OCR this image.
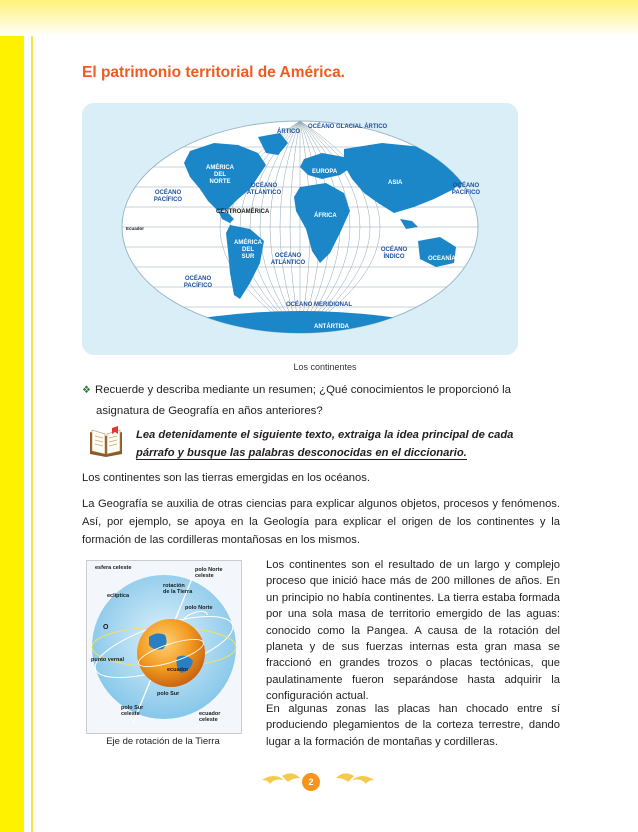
El patrimonio territorial de América.
ÁRTICO
OCÉANO GLACIAL ÁRTICO
AMÉRICA
DEL
NORTE
EUROPA
ASIA
OCÉANO
PACÍFICO
OCÉANO
PACÍFICO
OCÉANO
ATLÁNTICO
CENTROAMÉRICA
ÁFRICA
AMÉRICA
DEL
SUR	OCÉANO
ATLÁNTICO
OCÉANO
ÍNDICO	OCEANÍA
OCÉANO
PACÍFICO
OCÉANO MERIDIONAL
ANTÁRTIDA
Ecuador
Los continentes
❖ Recuerde y describa mediante un resumen; ¿Qué conocimientos le proporcionó la
asignatura de Geografía en años anteriores?
Lea detenidamente el siguiente texto, extraiga la idea principal de cada
párrafo y busque las palabras desconocidas en el diccionario.

Los continentes son las tierras emergidas en los océanos.

La Geografía se auxilia de otras ciencias para explicar algunos objetos, procesos y fenómenos. Así, por ejemplo, se apoya en la Geología para explicar el origen de los continentes y la formación de las cordilleras montañosas en los mismos.

esfera celeste	polo Norte
celeste
rotación
de la Tierra
eclíptica
polo Norte
O
punto vernal
ecuador
polo Sur
polo Sur
celeste	ecuador
celeste
Eje de rotación de la Tierra

Los continentes son el resultado de un largo y complejo proceso que inició hace más de 200 millones de años. En un principio no había continentes. La tierra estaba formada por una sola masa de territorio emergido de las aguas: conocido como la Pangea. A causa de la rotación del planeta y de sus fuerzas internas esta gran masa se fraccionó en grandes trozos o placas tectónicas, que paulatinamente fueron separándose hasta adquirir la configuración actual.

En algunas zonas las placas han chocado entre sí produciendo plegamientos de la corteza terrestre, dando lugar a la formación de montañas y cordilleras.

2
